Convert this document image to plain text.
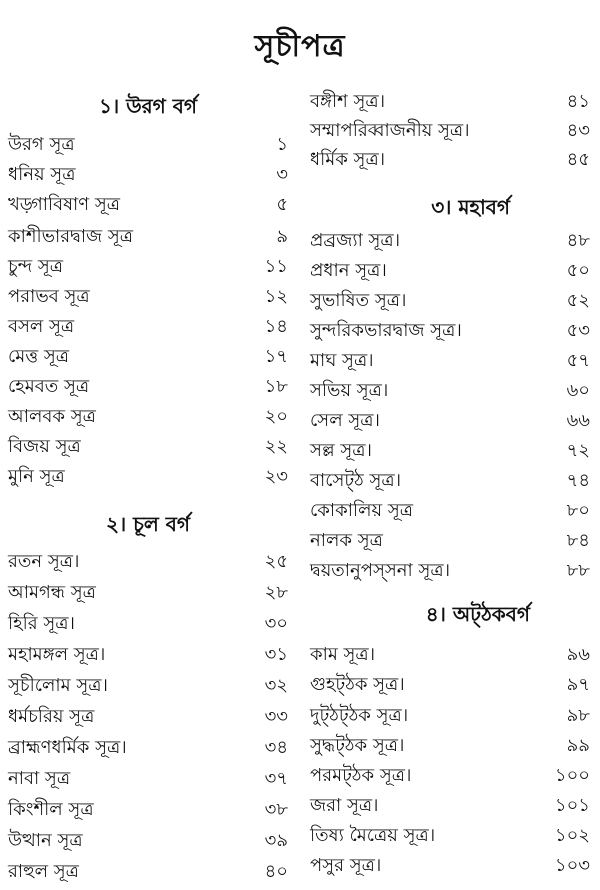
সূচীপত্র
১। উরগ বর্গ
উরগ সূত্র	১
ধনিয় সূত্র	৩
খড়্গাবিষাণ সূত্র	৫
কাশীভারদ্বাজ সূত্র	৯
চুন্দ সূত্র	১১
পরাভব সূত্র	১২
বসল সূত্র	১৪
মেত্ত সূত্র	১৭
হেমবত সূত্র	১৮
আলবক সূত্র	২০
বিজয় সূত্র	২২
মুনি সূত্র	২৩
২। চূল বর্গ
রতন সূত্র।	২৫
আমগন্ধ সূত্র	২৮
হিরি সূত্র।	৩০
মহামঙ্গল সূত্র।	৩১
সূচীলোম সূত্র।	৩২
ধর্মচরিয় সূত্র	৩৩
ব্রাহ্মণধর্মিক সূত্র।	৩৪
নাবা সূত্র	৩৭
কিংশীল সূত্র	৩৮
উত্থান সূত্র	৩৯
রাহুল সূত্র	৪০
বঙ্গীশ সূত্র।	৪১
সম্মাপরিব্বাজনীয় সূত্র।	৪৩
ধর্মিক সূত্র।	৪৫
৩। মহাবর্গ
প্রব্রজ্যা সূত্র।	৪৮
প্রধান সূত্র।	৫০
সুভাষিত সূত্র।	৫২
সুন্দরিকভারদ্বাজ সূত্র।	৫৩
মাঘ সূত্র।	৫৭
সভিয় সূত্র।	৬০
সেল সূত্র।	৬৬
সল্ল সূত্র।	৭২
বাসেট্‌ঠ সূত্র।	৭৪
কোকালিয় সূত্র	৮০
নালক সূত্র	৮৪
দ্বয়তানুপস্সনা সূত্র।	৮৮
৪। অট্‌ঠকবর্গ
কাম সূত্র।	৯৬
গুহট্‌ঠক সূত্র।	৯৭
দুট্‌ঠট্‌ঠক সূত্র।	৯৮
সুদ্ধট্‌ঠক সূত্র।	৯৯
পরমট্‌ঠক সূত্র।	১০০
জরা সূত্র।	১০১
তিষ্য মৈত্রেয় সূত্র।	১০২
পসুর সূত্র।	১০৩
